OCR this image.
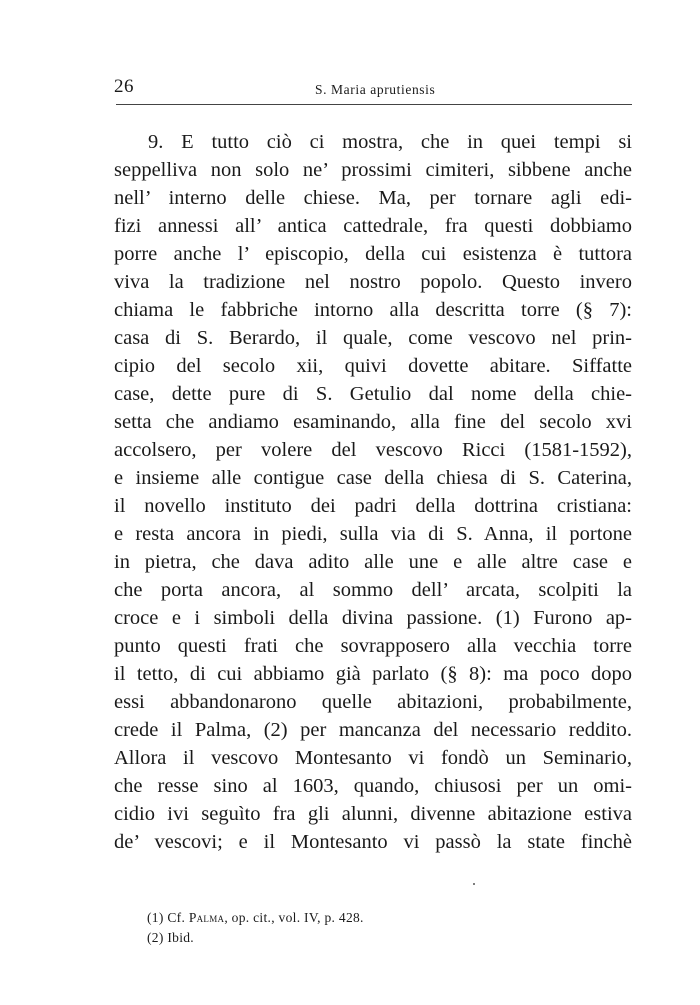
26	S. Maria aprutiensis
9. E tutto ciò ci mostra, che in quei tempi si
seppelliva non solo ne’ prossimi cimiteri, sibbene anche
nell’ interno delle chiese. Ma, per tornare agli edi-
fizi annessi all’ antica cattedrale, fra questi dobbiamo
porre anche l’ episcopio, della cui esistenza è tuttora
viva la tradizione nel nostro popolo. Questo invero
chiama le fabbriche intorno alla descritta torre (§ 7):
casa di S. Berardo, il quale, come vescovo nel prin-
cipio del secolo xii, quivi dovette abitare. Siffatte
case, dette pure di S. Getulio dal nome della chie-
setta che andiamo esaminando, alla fine del secolo xvi
accolsero, per volere del vescovo Ricci (1581-1592),
e insieme alle contigue case della chiesa di S. Caterina,
il novello instituto dei padri della dottrina cristiana:
e resta ancora in piedi, sulla via di S. Anna, il portone
in pietra, che dava adito alle une e alle altre case e
che porta ancora, al sommo dell’ arcata, scolpiti la
croce e i simboli della divina passione. (1) Furono ap-
punto questi frati che sovrapposero alla vecchia torre
il tetto, di cui abbiamo già parlato (§ 8): ma poco dopo
essi abbandonarono quelle abitazioni, probabilmente,
crede il Palma, (2) per mancanza del necessario reddito.
Allora il vescovo Montesanto vi fondò un Seminario,
che resse sino al 1603, quando, chiusosi per un omi-
cidio ivi seguìto fra gli alunni, divenne abitazione estiva
de’ vescovi; e il Montesanto vi passò la state finchè
(1) Cf. Palma, op. cit., vol. IV, p. 428.
(2) Ibid.
